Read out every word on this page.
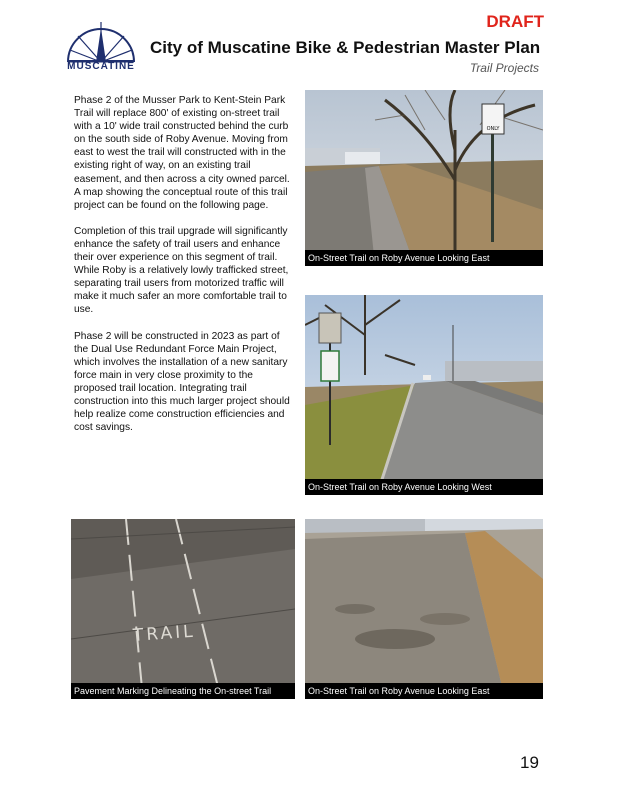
MUSCATINE
DRAFT
City of Muscatine Bike & Pedestrian Master Plan
Trail Projects

Phase 2 of the Musser Park to Kent-Stein Park Trail will replace 800' of existing on-street trail with a 10' wide trail constructed behind the curb on the south side of Roby Avenue. Moving from east to west the trail will constructed with in the existing right of way, on an existing trail easement, and then across a city owned parcel. A map showing the conceptual route of this trail project can be found on the following page.

Completion of this trail upgrade will significantly enhance the safety of trail users and enhance their over experience on this segment of trail. While Roby is a relatively lowly trafficked street, separating trail users from motorized traffic will make it much safer an more comfortable trail to use.

Phase 2 will be constructed in 2023 as part of the Dual Use Redundant Force Main Project, which involves the installation of a new sanitary force main in very close proximity to the proposed trail location. Integrating trail construction into this much larger project should help realize come construction efficiencies and cost savings.

ONLY
On-Street Trail on Roby Avenue Looking East
On-Street Trail on Roby Avenue Looking West
TRAIL
Pavement Marking Delineating the On-street Trail	On-Street Trail on Roby Avenue Looking East
19
